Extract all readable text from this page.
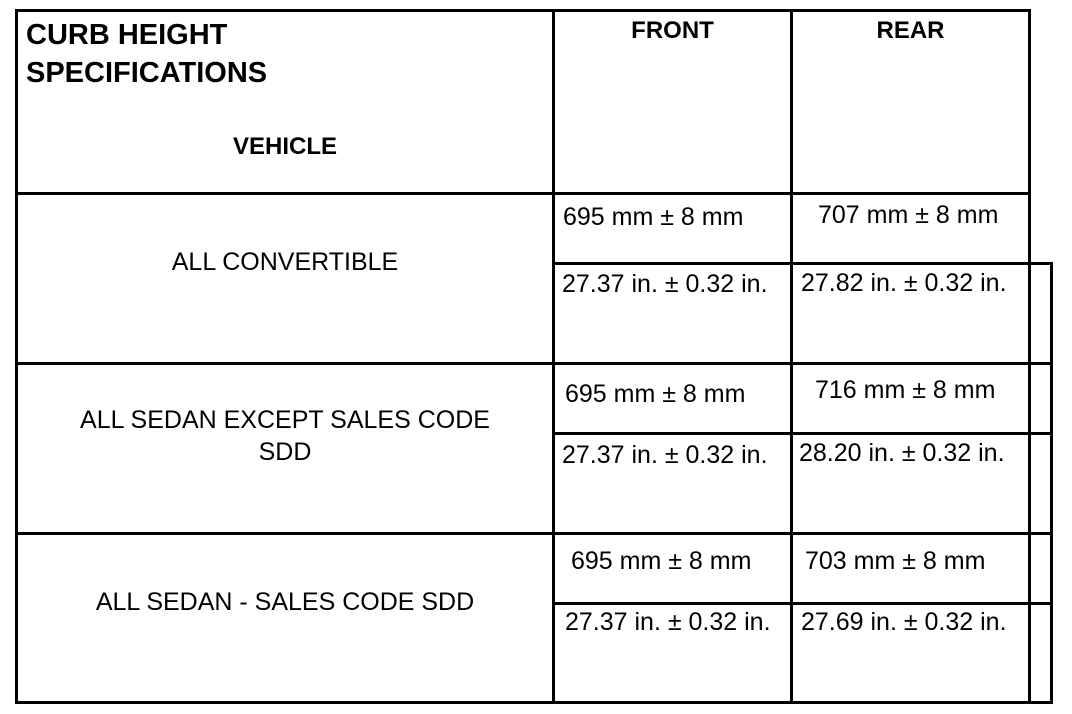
CURB HEIGHT
SPECIFICATIONS
VEHICLE
FRONT	REAR
ALL CONVERTIBLE
695 mm ± 8 mm	707 mm ± 8 mm
27.37 in. ± 0.32 in. 27.82 in. ± 0.32 in.
ALL SEDAN EXCEPT SALES CODE
SDD
695 mm ± 8 mm	716 mm ± 8 mm
27.37 in. ± 0.32 in. 28.20 in. ± 0.32 in.
ALL SEDAN - SALES CODE SDD
695 mm ± 8 mm 703 mm ± 8 mm
27.37 in. ± 0.32 in. 27.69 in. ± 0.32 in.
